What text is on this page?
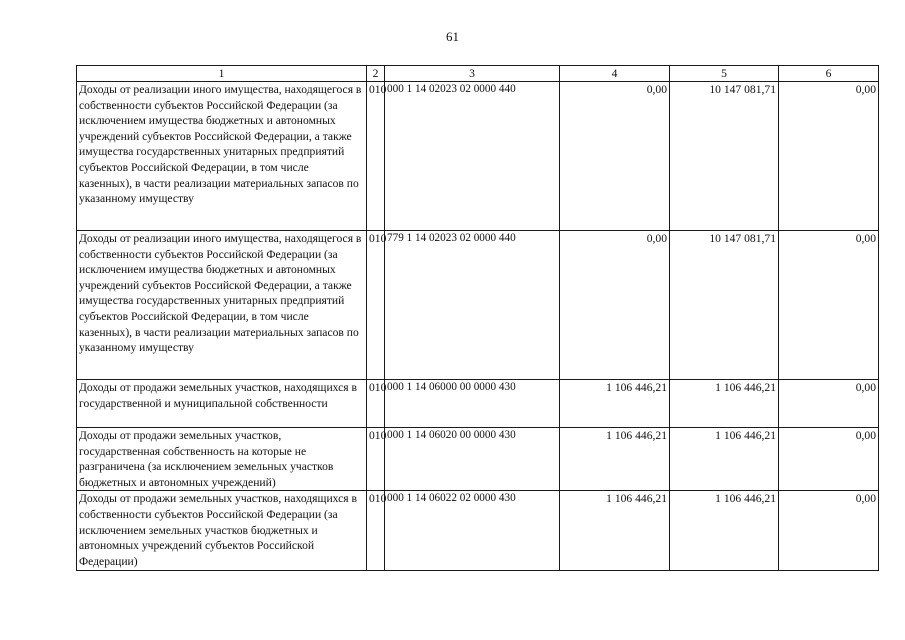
61
1	2	3	4	5	6
Доходы от реализации иного имущества, находящегося в собственности субъектов Российской Федерации (за исключением имущества бюджетных и автономных учреждений субъектов Российской Федерации, а также имущества государственных унитарных предприятий субъектов Российской Федерации, в том числе казенных), в части реализации материальных запасов по указанному имуществу	010	000 1 14 02023 02 0000 440	0,00	10 147 081,71	0,00
Доходы от реализации иного имущества, находящегося в собственности субъектов Российской Федерации (за исключением имущества бюджетных и автономных учреждений субъектов Российской Федерации, а также имущества государственных унитарных предприятий субъектов Российской Федерации, в том числе казенных), в части реализации материальных запасов по указанному имуществу	010	779 1 14 02023 02 0000 440	0,00	10 147 081,71	0,00
Доходы от продажи земельных участков, находящихся в государственной и муниципальной собственности	010	000 1 14 06000 00 0000 430	1 106 446,21	1 106 446,21	0,00
Доходы от продажи земельных участков, государственная собственность на которые не разграничена (за исключением земельных участков бюджетных и автономных учреждений)	010	000 1 14 06020 00 0000 430	1 106 446,21	1 106 446,21	0,00
Доходы от продажи земельных участков, находящихся в собственности субъектов Российской Федерации (за исключением земельных участков бюджетных и автономных учреждений субъектов Российской Федерации)	010	000 1 14 06022 02 0000 430	1 106 446,21	1 106 446,21	0,00
